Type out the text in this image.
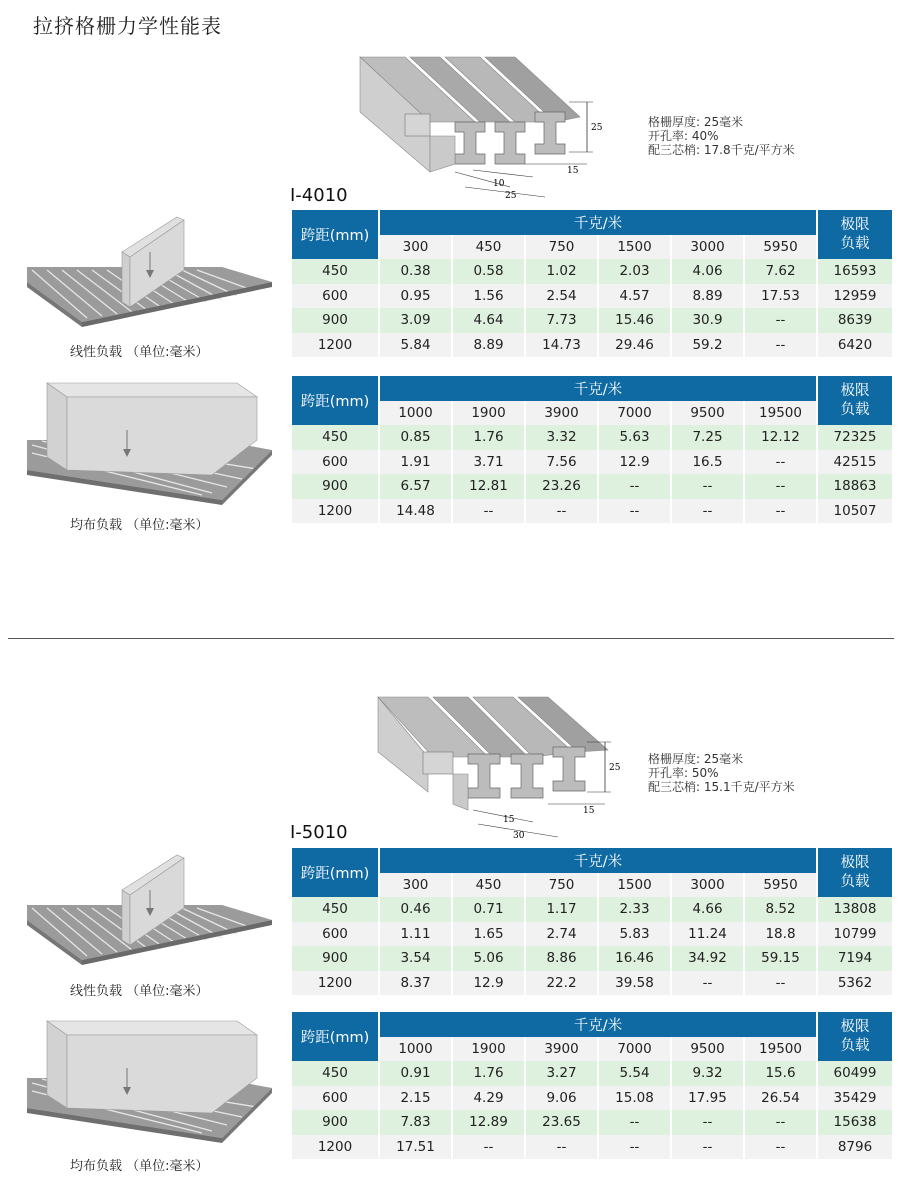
拉挤格栅力学性能表
25
15
10
25
格栅厚度: 25毫米
开孔率: 40%
配三芯梢: 17.8千克/平方米
I-4010
线性负载 （单位:毫米）
均布负载 （单位:毫米）
跨距(mm)	千克/米						极限
负载
	300	450	750	1500	3000	5950	
450	0.38	0.58	1.02	2.03	4.06	7.62	16593
600	0.95	1.56	2.54	4.57	8.89	17.53	12959
900	3.09	4.64	7.73	15.46	30.9	--	8639
1200	5.84	8.89	14.73	29.46	59.2	--	6420
跨距(mm)	千克/米						极限
负载
	1000	1900	3900	7000	9500	19500	
450	0.85	1.76	3.32	5.63	7.25	12.12	72325
600	1.91	3.71	7.56	12.9	16.5	--	42515
900	6.57	12.81	23.26	--	--	--	18863
1200	14.48	--	--	--	--	--	10507
25
15
15
30
格栅厚度: 25毫米
开孔率: 50%
配三芯梢: 15.1千克/平方米
I-5010
线性负载 （单位:毫米）
均布负载 （单位:毫米）
跨距(mm)	千克/米						极限
负载
	300	450	750	1500	3000	5950	
450	0.46	0.71	1.17	2.33	4.66	8.52	13808
600	1.11	1.65	2.74	5.83	11.24	18.8	10799
900	3.54	5.06	8.86	16.46	34.92	59.15	7194
1200	8.37	12.9	22.2	39.58	--	--	5362
跨距(mm)	千克/米						极限
负载
	1000	1900	3900	7000	9500	19500	
450	0.91	1.76	3.27	5.54	9.32	15.6	60499
600	2.15	4.29	9.06	15.08	17.95	26.54	35429
900	7.83	12.89	23.65	--	--	--	15638
1200	17.51	--	--	--	--	--	8796
